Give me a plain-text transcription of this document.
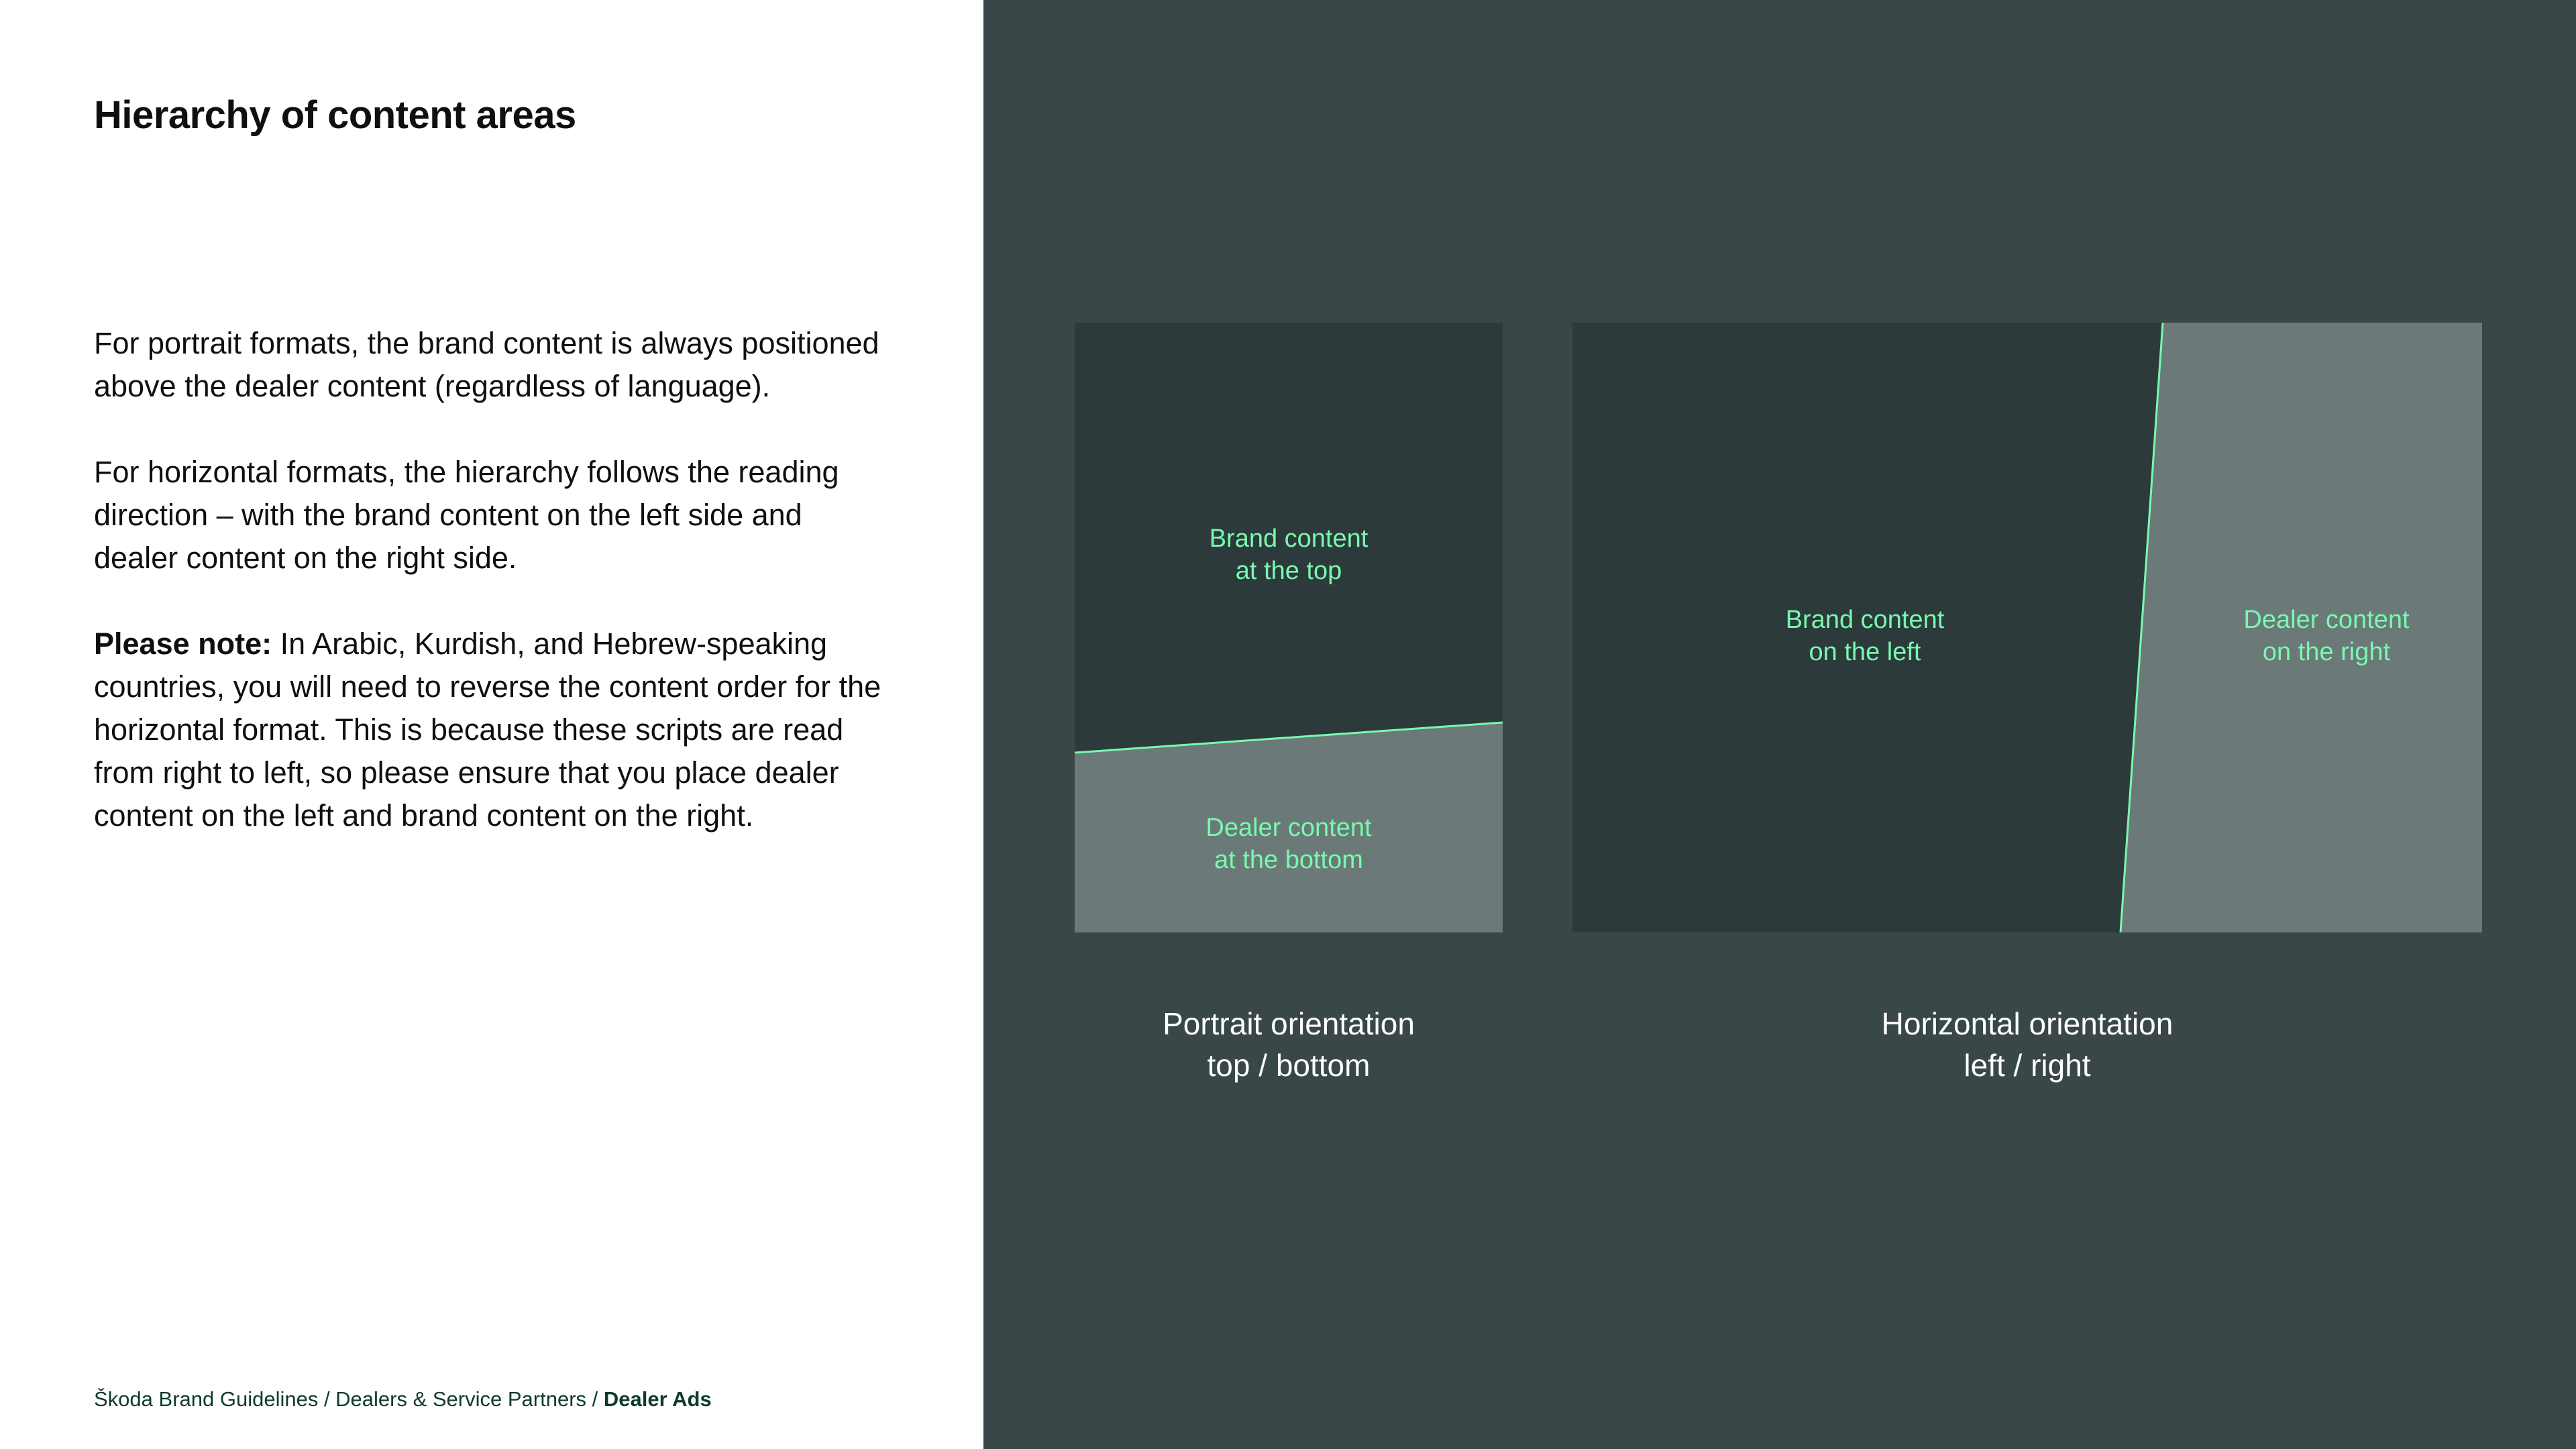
Hierarchy of content areas

For portrait formats, the brand content is always positioned above the dealer content (regardless of language).

For horizontal formats, the hierarchy follows the reading direction – with the brand content on the left side and dealer content on the right side.

Please note: In Arabic, Kurdish, and Hebrew-speaking countries, you will need to reverse the content order for the horizontal format. This is because these scripts are read from right to left, so please ensure that you place dealer content on the left and brand content on the right.

Škoda Brand Guidelines / Dealers & Service Partners / Dealer Ads
Brand content
at the top
Dealer content
at the bottom
Brand content
on the left
Dealer content
on the right
Portrait orientation
top / bottom
Horizontal orientation
left / right
